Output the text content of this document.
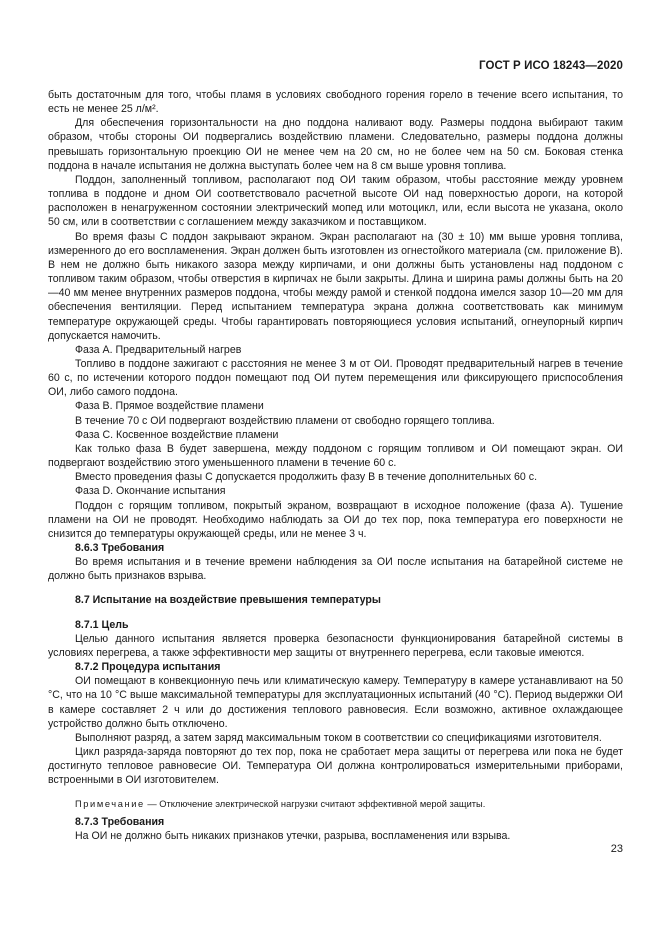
ГОСТ Р ИСО 18243—2020

быть достаточным для того, чтобы пламя в условиях свободного горения горело в течение всего испытания, то есть не менее 25 л/м².

Для обеспечения горизонтальности на дно поддона наливают воду. Размеры поддона выбирают таким образом, чтобы стороны ОИ подвергались воздействию пламени. Следовательно, размеры поддона должны превышать горизонтальную проекцию ОИ не менее чем на 20 см, но не более чем на 50 см. Боковая стенка поддона в начале испытания не должна выступать более чем на 8 см выше уровня топлива.

Поддон, заполненный топливом, располагают под ОИ таким образом, чтобы расстояние между уровнем топлива в поддоне и дном ОИ соответствовало расчетной высоте ОИ над поверхностью дороги, на которой расположен в ненагруженном состоянии электрический мопед или мотоцикл, или, если высота не указана, около 50 см, или в соответствии с соглашением между заказчиком и поставщиком.

Во время фазы С поддон закрывают экраном. Экран располагают на (30 ± 10) мм выше уровня топлива, измеренного до его воспламенения. Экран должен быть изготовлен из огнестойкого материала (см. приложение В). В нем не должно быть никакого зазора между кирпичами, и они должны быть установлены над поддоном с топливом таким образом, чтобы отверстия в кирпичах не были закрыты. Длина и ширина рамы должны быть на 20—40 мм менее внутренних размеров поддона, чтобы между рамой и стенкой поддона имелся зазор 10—20 мм для обеспечения вентиляции. Перед испытанием температура экрана должна соответствовать как минимум температуре окружающей среды. Чтобы гарантировать повторяющиеся условия испытаний, огнеупорный кирпич допускается намочить.

Фаза А. Предварительный нагрев

Топливо в поддоне зажигают с расстояния не менее 3 м от ОИ. Проводят предварительный нагрев в течение 60 с, по истечении которого поддон помещают под ОИ путем перемещения или фиксирующего приспособления ОИ, либо самого поддона.

Фаза В. Прямое воздействие пламени

В течение 70 с ОИ подвергают воздействию пламени от свободно горящего топлива.

Фаза С. Косвенное воздействие пламени

Как только фаза В будет завершена, между поддоном с горящим топливом и ОИ помещают экран. ОИ подвергают воздействию этого уменьшенного пламени в течение 60 с.

Вместо проведения фазы С допускается продолжить фазу В в течение дополнительных 60 с.

Фаза D. Окончание испытания

Поддон с горящим топливом, покрытый экраном, возвращают в исходное положение (фаза А). Тушение пламени на ОИ не проводят. Необходимо наблюдать за ОИ до тех пор, пока температура его поверхности не снизится до температуры окружающей среды, или не менее 3 ч.

8.6.3 Требования

Во время испытания и в течение времени наблюдения за ОИ после испытания на батарейной системе не должно быть признаков взрыва.

8.7 Испытание на воздействие превышения температуры

8.7.1 Цель

Целью данного испытания является проверка безопасности функционирования батарейной системы в условиях перегрева, а также эффективности мер защиты от внутреннего перегрева, если таковые имеются.

8.7.2 Процедура испытания

ОИ помещают в конвекционную печь или климатическую камеру. Температуру в камере устанавливают на 50 °С, что на 10 °С выше максимальной температуры для эксплуатационных испытаний (40 °С). Период выдержки ОИ в камере составляет 2 ч или до достижения теплового равновесия. Если возможно, активное охлаждающее устройство должно быть отключено.

Выполняют разряд, а затем заряд максимальным током в соответствии со спецификациями изготовителя.

Цикл разряда-заряда повторяют до тех пор, пока не сработает мера защиты от перегрева или пока не будет достигнуто тепловое равновесие ОИ. Температура ОИ должна контролироваться измерительными приборами, встроенными в ОИ изготовителем.

Примечание — Отключение электрической нагрузки считают эффективной мерой защиты.

8.7.3 Требования

На ОИ не должно быть никаких признаков утечки, разрыва, воспламенения или взрыва.

23
